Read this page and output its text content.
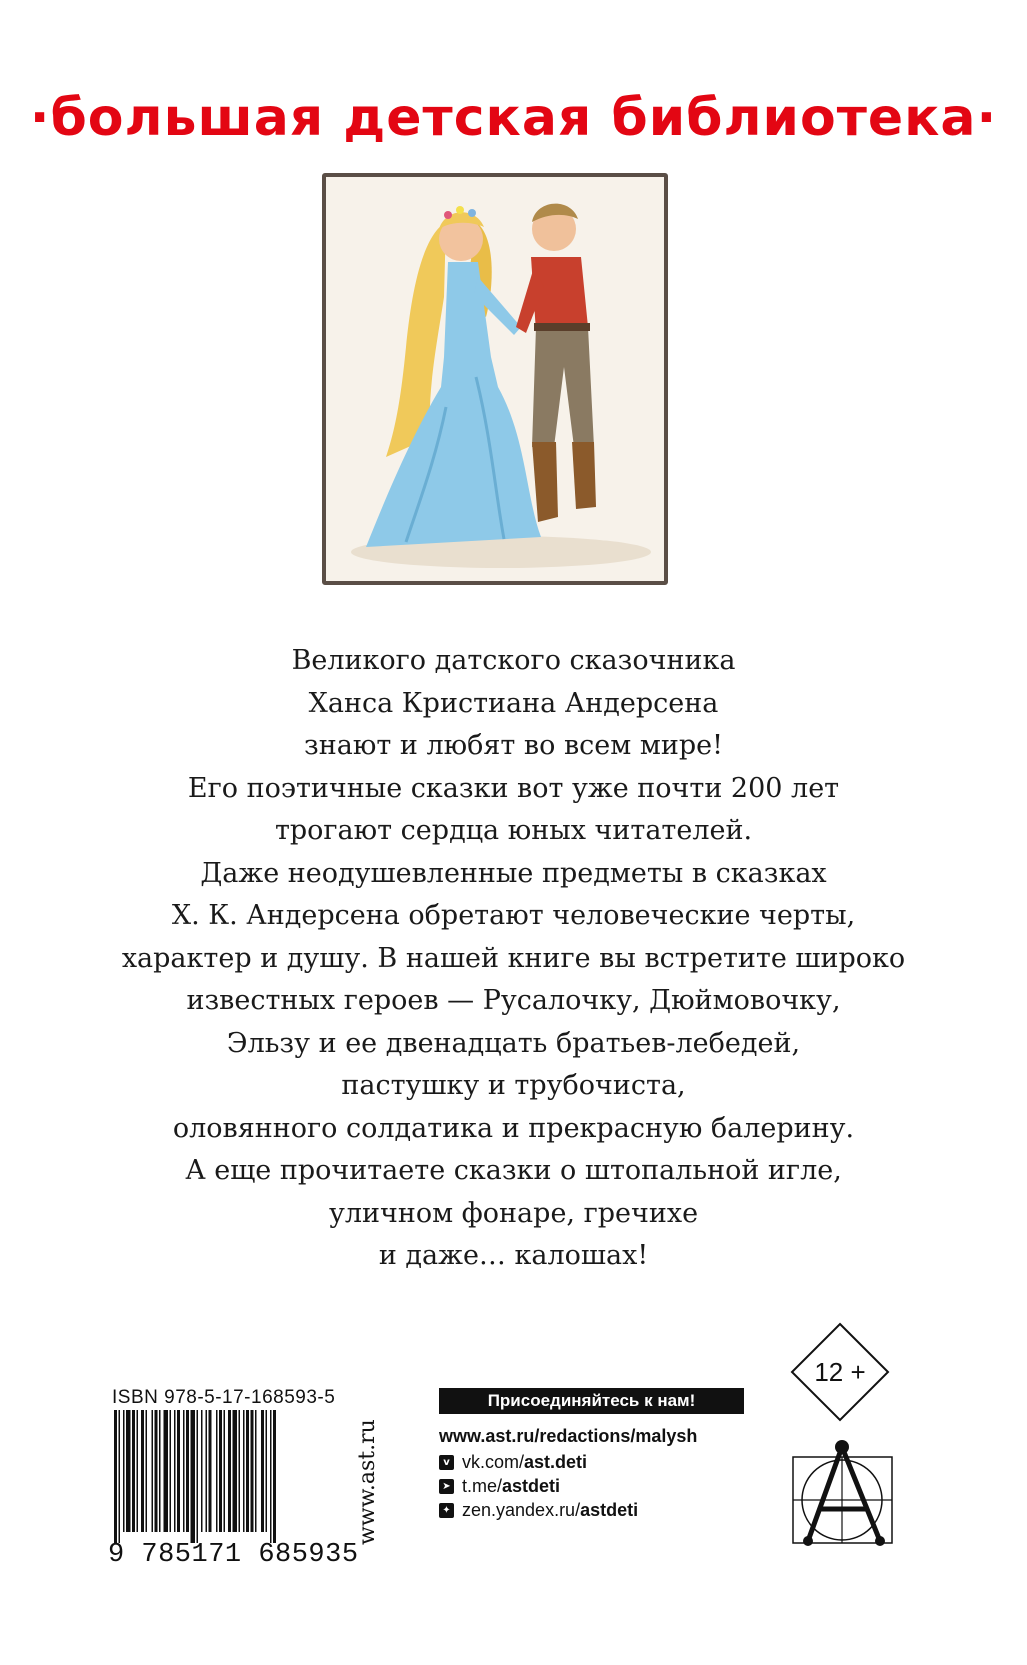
·большая детская библиотека·
Великого датского сказочника
Ханса Кристиана Андерсена
знают и любят во всем мире!
Его поэтичные сказки вот уже почти 200 лет
трогают сердца юных читателей.
Даже неодушевленные предметы в сказках
Х. К. Андерсена обретают человеческие черты,
характер и душу. В нашей книге вы встретите широко
известных героев — Русалочку, Дюймовочку,
Эльзу и ее двенадцать братьев-лебедей,
пастушку и трубочиста,
оловянного солдатика и прекрасную балерину.
А еще прочитаете сказки о штопальной игле,
уличном фонаре, гречихе
и даже… калошах!
ISBN 978-5-17-168593-5
9 785171 685935
www.ast.ru
Присоединяйтесь к нам!
www.ast.ru/redactions/malysh
v vk.com/ ast.deti
➤ t.me/ astdeti
✦ zen.yandex.ru/ astdeti
12 +
